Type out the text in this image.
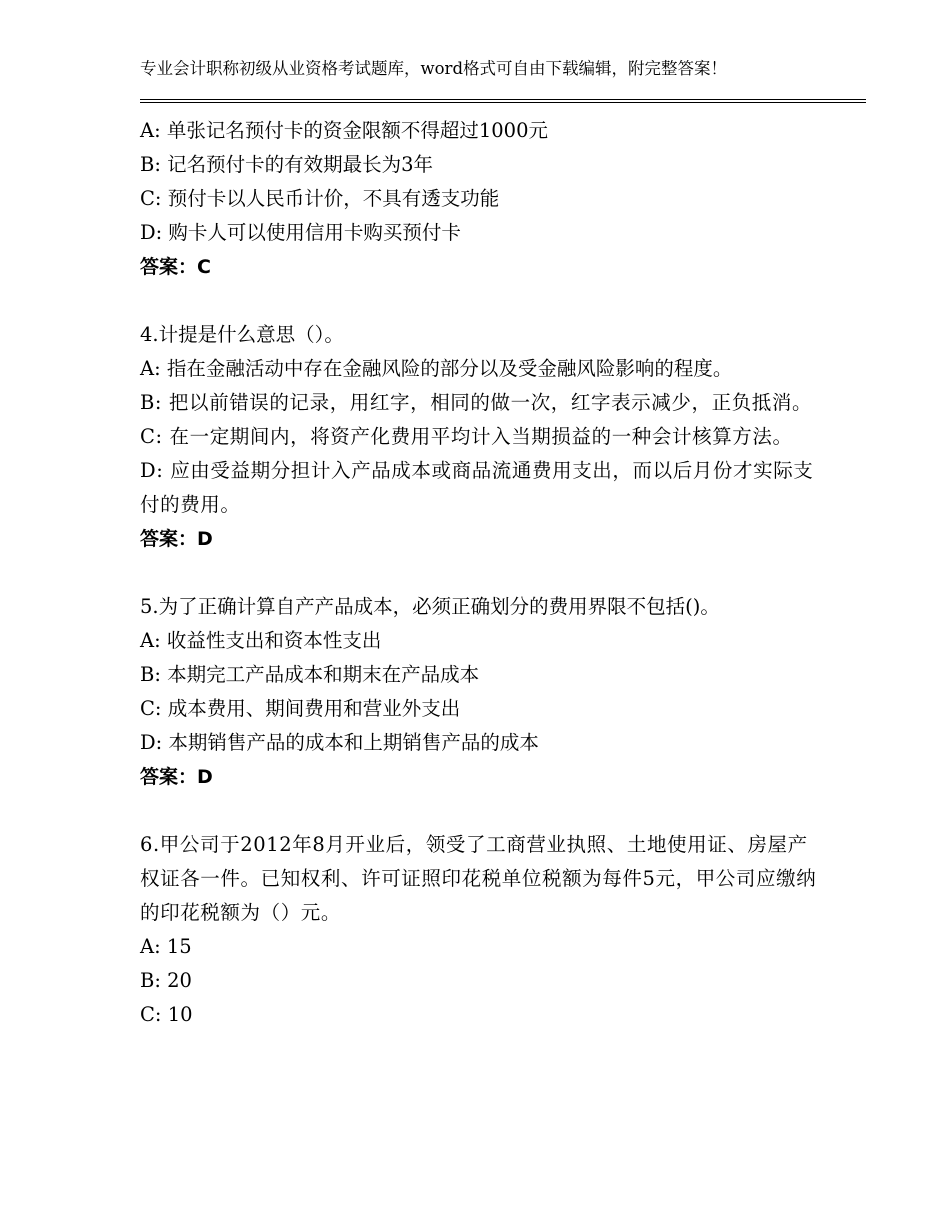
专业会计职称初级从业资格考试题库，word格式可自由下载编辑，附完整答案！
A: 单张记名预付卡的资金限额不得超过1000元
B: 记名预付卡的有效期最长为3年
C: 预付卡以人民币计价，不具有透支功能
D: 购卡人可以使用信用卡购买预付卡
答案：C
4.计提是什么意思（）。
A: 指在金融活动中存在金融风险的部分以及受金融风险影响的程度。
B: 把以前错误的记录，用红字，相同的做一次，红字表示减少，正负抵消。
C: 在一定期间内，将资产化费用平均计入当期损益的一种会计核算方法。
D: 应由受益期分担计入产品成本或商品流通费用支出，而以后月份才实际支付的费用。
答案：D
5.为了正确计算自产产品成本，必须正确划分的费用界限不包括()。
A: 收益性支出和资本性支出
B: 本期完工产品成本和期末在产品成本
C: 成本费用、期间费用和营业外支出
D: 本期销售产品的成本和上期销售产品的成本
答案：D
6.甲公司于2012年8月开业后，领受了工商营业执照、土地使用证、房屋产权证各一件。已知权利、许可证照印花税单位税额为每件5元，甲公司应缴纳的印花税额为（）元。
A: 15
B: 20
C: 10
